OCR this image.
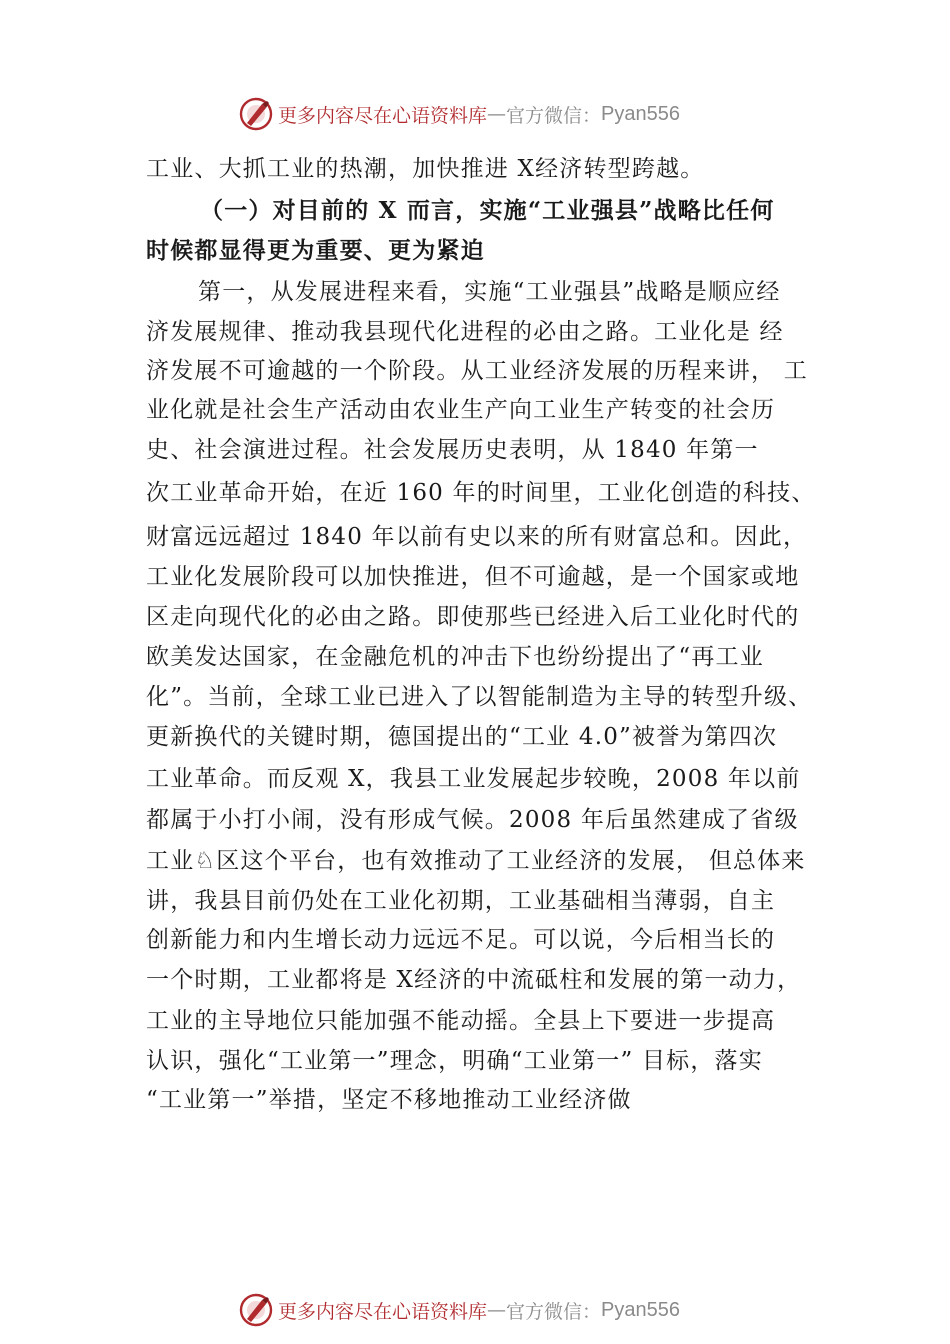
更多内容尽在心语资料库 — 官方微信： Pyan556
工业、大抓工业的热潮，加快推进 X经济转型跨越。
（一）对目前的 X 而言，实施“工业强县”战略比任何
时候都显得更为重要、更为紧迫
第一，从发展进程来看，实施“工业强县”战略是顺应经
济发展规律、推动我县现代化进程的必由之路。工业化是 经
济发展不可逾越的一个阶段。从工业经济发展的历程来讲， 工
业化就是社会生产活动由农业生产向工业生产转变的社会历
史、社会演进过程。社会发展历史表明，从 1840 年第一
次工业革命开始，在近 160 年的时间里，工业化创造的科技、
财富远远超过 1840 年以前有史以来的所有财富总和。因此，
工业化发展阶段可以加快推进，但不可逾越，是一个国家或地
区走向现代化的必由之路。即使那些已经进入后工业化时代的
欧美发达国家，在金融危机的冲击下也纷纷提出了“再工业
化”。当前，全球工业已进入了以智能制造为主导的转型升级、
更新换代的关键时期，德国提出的“工业 4.0”被誉为第四次
工业革命。而反观 X，我县工业发展起步较晚，2008 年以前
都属于小打小闹，没有形成气候。2008 年后虽然建成了省级
工业♘区这个平台，也有效推动了工业经济的发展， 但总体来
讲，我县目前仍处在工业化初期，工业基础相当薄弱，自主
创新能力和内生增长动力远远不足。可以说，今后相当长的
一个时期，工业都将是 X经济的中流砥柱和发展的第一动力，
工业的主导地位只能加强不能动摇。全县上下要进一步提高
认识，强化“工业第一”理念，明确“工业第一” 目标，落实
“工业第一”举措，坚定不移地推动工业经济做
更多内容尽在心语资料库 — 官方微信： Pyan556
